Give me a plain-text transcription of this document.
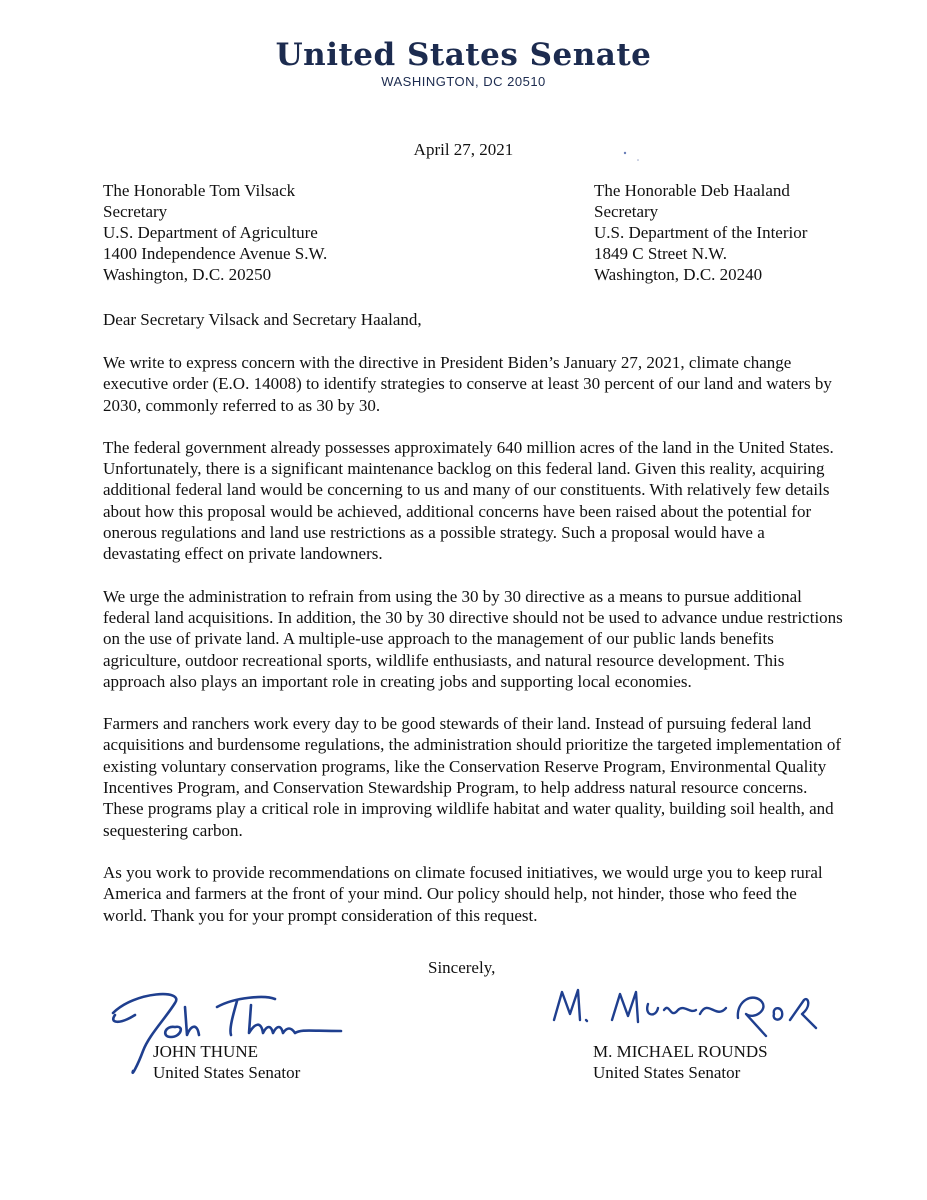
United States Senate
WASHINGTON, DC 20510
April 27, 2021
The Honorable Tom Vilsack
Secretary
U.S. Department of Agriculture
1400 Independence Avenue S.W.
Washington, D.C. 20250
The Honorable Deb Haaland
Secretary
U.S. Department of the Interior
1849 C Street N.W.
Washington, D.C. 20240
Dear Secretary Vilsack and Secretary Haaland,

We write to express concern with the directive in President Biden’s January 27, 2021, climate change executive order (E.O. 14008) to identify strategies to conserve at least 30 percent of our land and waters by 2030, commonly referred to as 30 by 30.

The federal government already possesses approximately 640 million acres of the land in the United States. Unfortunately, there is a significant maintenance backlog on this federal land. Given this reality, acquiring additional federal land would be concerning to us and many of our constituents. With relatively few details about how this proposal would be achieved, additional concerns have been raised about the potential for onerous regulations and land use restrictions as a possible strategy. Such a proposal would have a devastating effect on private landowners.

We urge the administration to refrain from using the 30 by 30 directive as a means to pursue additional federal land acquisitions. In addition, the 30 by 30 directive should not be used to advance undue restrictions on the use of private land. A multiple-use approach to the management of our public lands benefits agriculture, outdoor recreational sports, wildlife enthusiasts, and natural resource development. This approach also plays an important role in creating jobs and supporting local economies.

Farmers and ranchers work every day to be good stewards of their land. Instead of pursuing federal land acquisitions and burdensome regulations, the administration should prioritize the targeted implementation of existing voluntary conservation programs, like the Conservation Reserve Program, Environmental Quality Incentives Program, and Conservation Stewardship Program, to help address natural resource concerns. These programs play a critical role in improving wildlife habitat and water quality, building soil health, and sequestering carbon.

As you work to provide recommendations on climate focused initiatives, we would urge you to keep rural America and farmers at the front of your mind. Our policy should help, not hinder, those who feed the world. Thank you for your prompt consideration of this request.

Sincerely,
JOHN THUNE
United States Senator
M. MICHAEL ROUNDS
United States Senator
